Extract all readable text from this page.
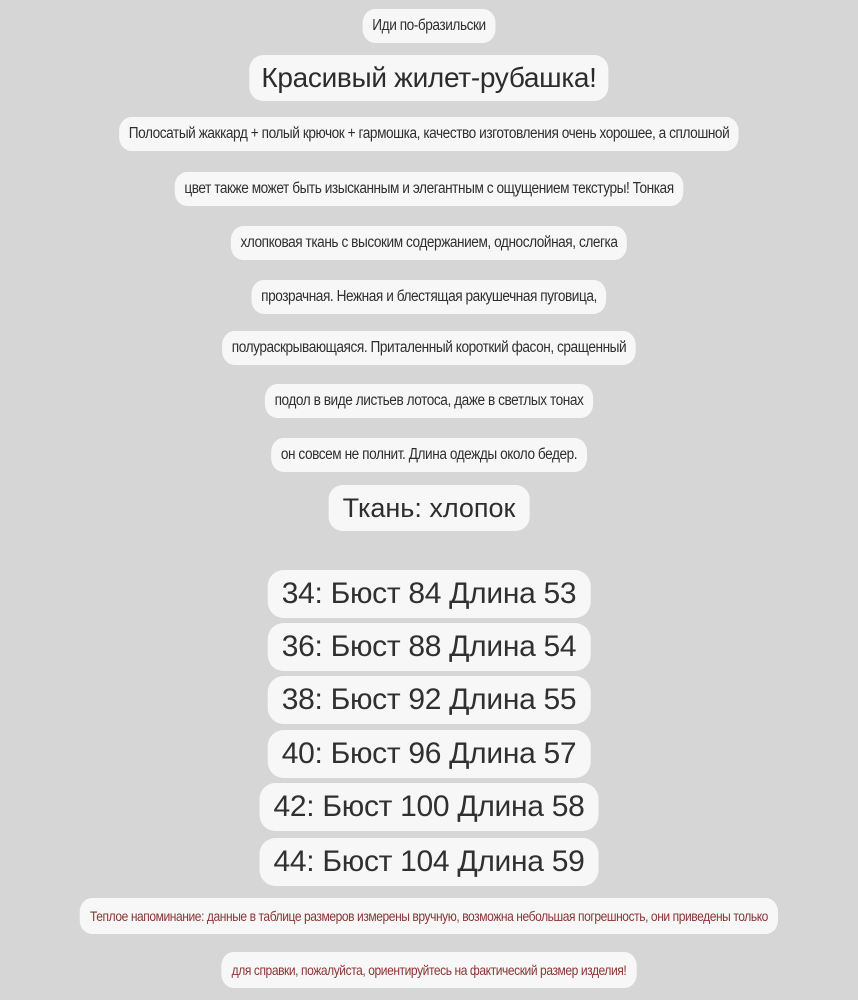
Иди по-бразильски
Красивый жилет-рубашка!
Полосатый жаккард + полый крючок + гармошка, качество изготовления очень хорошее, а сплошной
цвет также может быть изысканным и элегантным с ощущением текстуры! Тонкая
хлопковая ткань с высоким содержанием, однослойная, слегка
прозрачная. Нежная и блестящая ракушечная пуговица,
полураскрывающаяся. Приталенный короткий фасон, сращенный
подол в виде листьев лотоса, даже в светлых тонах
он совсем не полнит. Длина одежды около бедер.
Ткань: хлопок
34: Бюст 84 Длина 53
36: Бюст 88 Длина 54
38: Бюст 92 Длина 55
40: Бюст 96 Длина 57
42: Бюст 100 Длина 58
44: Бюст 104 Длина 59
Теплое напоминание: данные в таблице размеров измерены вручную, возможна небольшая погрешность, они приведены только
для справки, пожалуйста, ориентируйтесь на фактический размер изделия!
